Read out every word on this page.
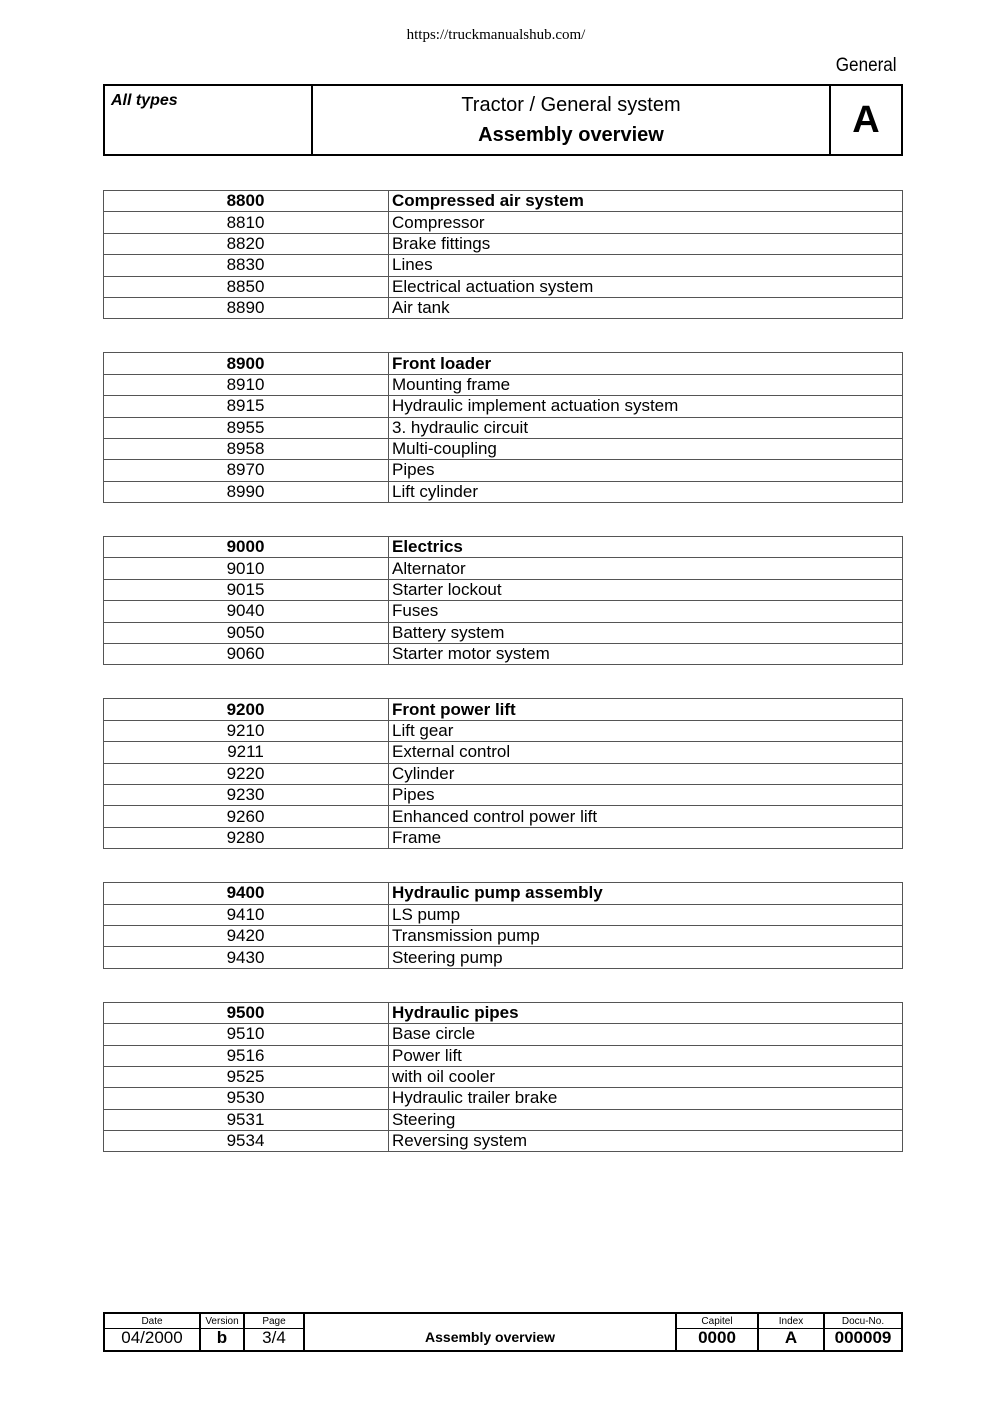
https://truckmanualshub.com/
General
All types	Tractor / General system
Assembly overview	A
8800	Compressed air system
8810	Compressor
8820	Brake fittings
8830	Lines
8850	Electrical actuation system
8890	Air tank
8900	Front loader
8910	Mounting frame
8915	Hydraulic implement actuation system
8955	3. hydraulic circuit
8958	Multi-coupling
8970	Pipes
8990	Lift cylinder
9000	Electrics
9010	Alternator
9015	Starter lockout
9040	Fuses
9050	Battery system
9060	Starter motor system
9200	Front power lift
9210	Lift gear
9211	External control
9220	Cylinder
9230	Pipes
9260	Enhanced control power lift
9280	Frame
9400	Hydraulic pump assembly
9410	LS pump
9420	Transmission pump
9430	Steering pump
9500	Hydraulic pipes
9510	Base circle
9516	Power lift
9525	with oil cooler
9530	Hydraulic trailer brake
9531	Steering
9534	Reversing system
Date
04/2000
Version
b
Page
3/4	Assembly overview
Capitel
0000
Index
A
Docu-No.
000009
